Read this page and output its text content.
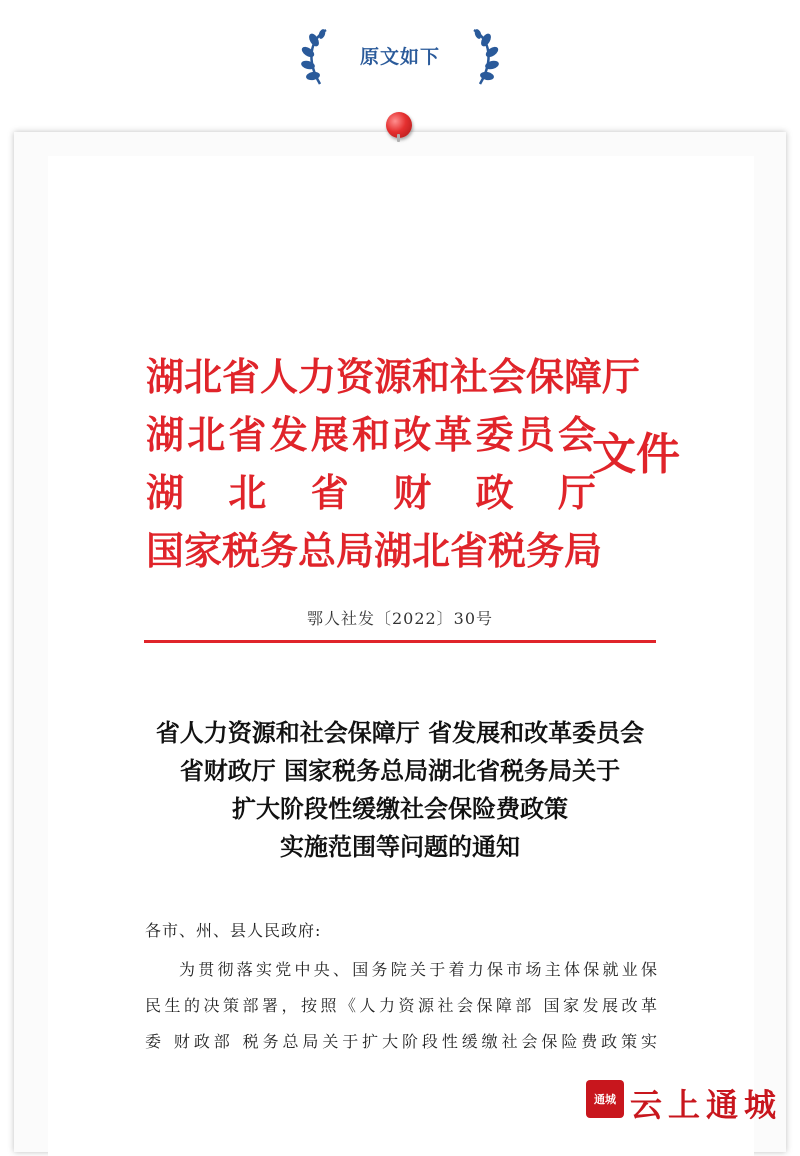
原文如下
湖北省人力资源和社会保障厅
湖北省发展和改革委员会
湖北省财政厅
国家税务总局湖北省税务局
文件
鄂人社发〔2022〕30号
省人力资源和社会保障厅 省发展和改革委员会
省财政厅 国家税务总局湖北省税务局关于
扩大阶段性缓缴社会保险费政策
实施范围等问题的通知
各市、州、县人民政府:
为贯彻落实党中央、国务院关于着力保市场主体保就业保
民生的决策部署，按照《人力资源社会保障部 国家发展改革
委 财政部 税务总局关于扩大阶段性缓缴社会保险费政策实
通城 云上通城
